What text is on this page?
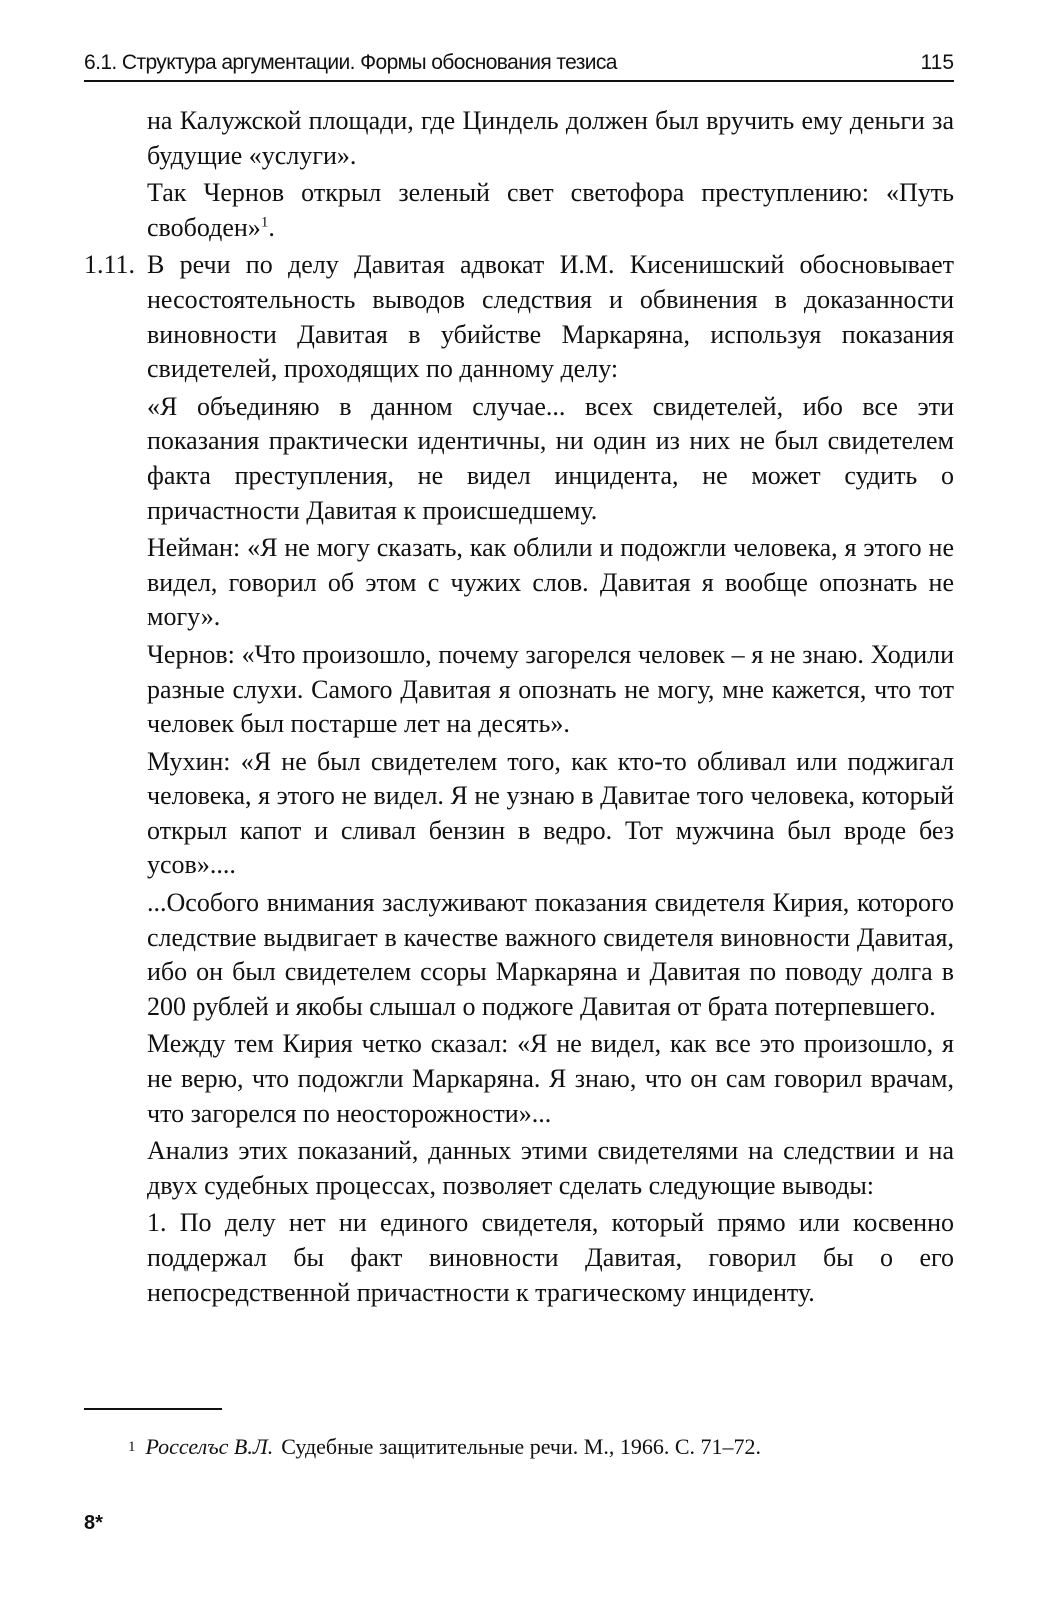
6.1. Структура аргументации. Формы обоснования тезиса	115

на Калужской площади, где Циндель должен был вручить ему деньги за будущие «услуги».

Так Чернов открыл зеленый свет светофора преступлению: «Путь свободен»$^1$.

1.11. В речи по делу Давитая адвокат И.М. Кисенишский обосновывает несостоятельность выводов следствия и обвинения в доказанности виновности Давитая в убийстве Маркаряна, используя показания свидетелей, проходящих по данному делу:

«Я объединяю в данном случае... всех свидетелей, ибо все эти показания практически идентичны, ни один из них не был свидетелем факта преступления, не видел инцидента, не может судить о причастности Давитая к происшедшему.

Нейман: «Я не могу сказать, как облили и подожгли человека, я этого не видел, говорил об этом с чужих слов. Давитая я вообще опознать не могу».

Чернов: «Что произошло, почему загорелся человек – я не знаю. Ходили разные слухи. Самого Давитая я опознать не могу, мне кажется, что тот человек был постарше лет на десять».

Мухин: «Я не был свидетелем того, как кто-то обливал или поджигал человека, я этого не видел. Я не узнаю в Давитае того человека, который открыл капот и сливал бензин в ведро. Тот мужчина был вроде без усов»....

...Особого внимания заслуживают показания свидетеля Кирия, которого следствие выдвигает в качестве важного свидетеля виновности Давитая, ибо он был свидетелем ссоры Маркаряна и Давитая по поводу долга в 200 рублей и якобы слышал о поджоге Давитая от брата потерпевшего.

Между тем Кирия четко сказал: «Я не видел, как все это произошло, я не верю, что подожгли Маркаряна. Я знаю, что он сам говорил врачам, что загорелся по неосторожности»...

Анализ этих показаний, данных этими свидетелями на следствии и на двух судебных процессах, позволяет сделать следующие выводы:

1. По делу нет ни единого свидетеля, который прямо или косвенно поддержал бы факт виновности Давитая, говорил бы о его непосредственной причастности к трагическому инциденту.

$^1$ Росселъс В.Л. Судебные защитительные речи. М., 1966. С. 71–72.
8*
